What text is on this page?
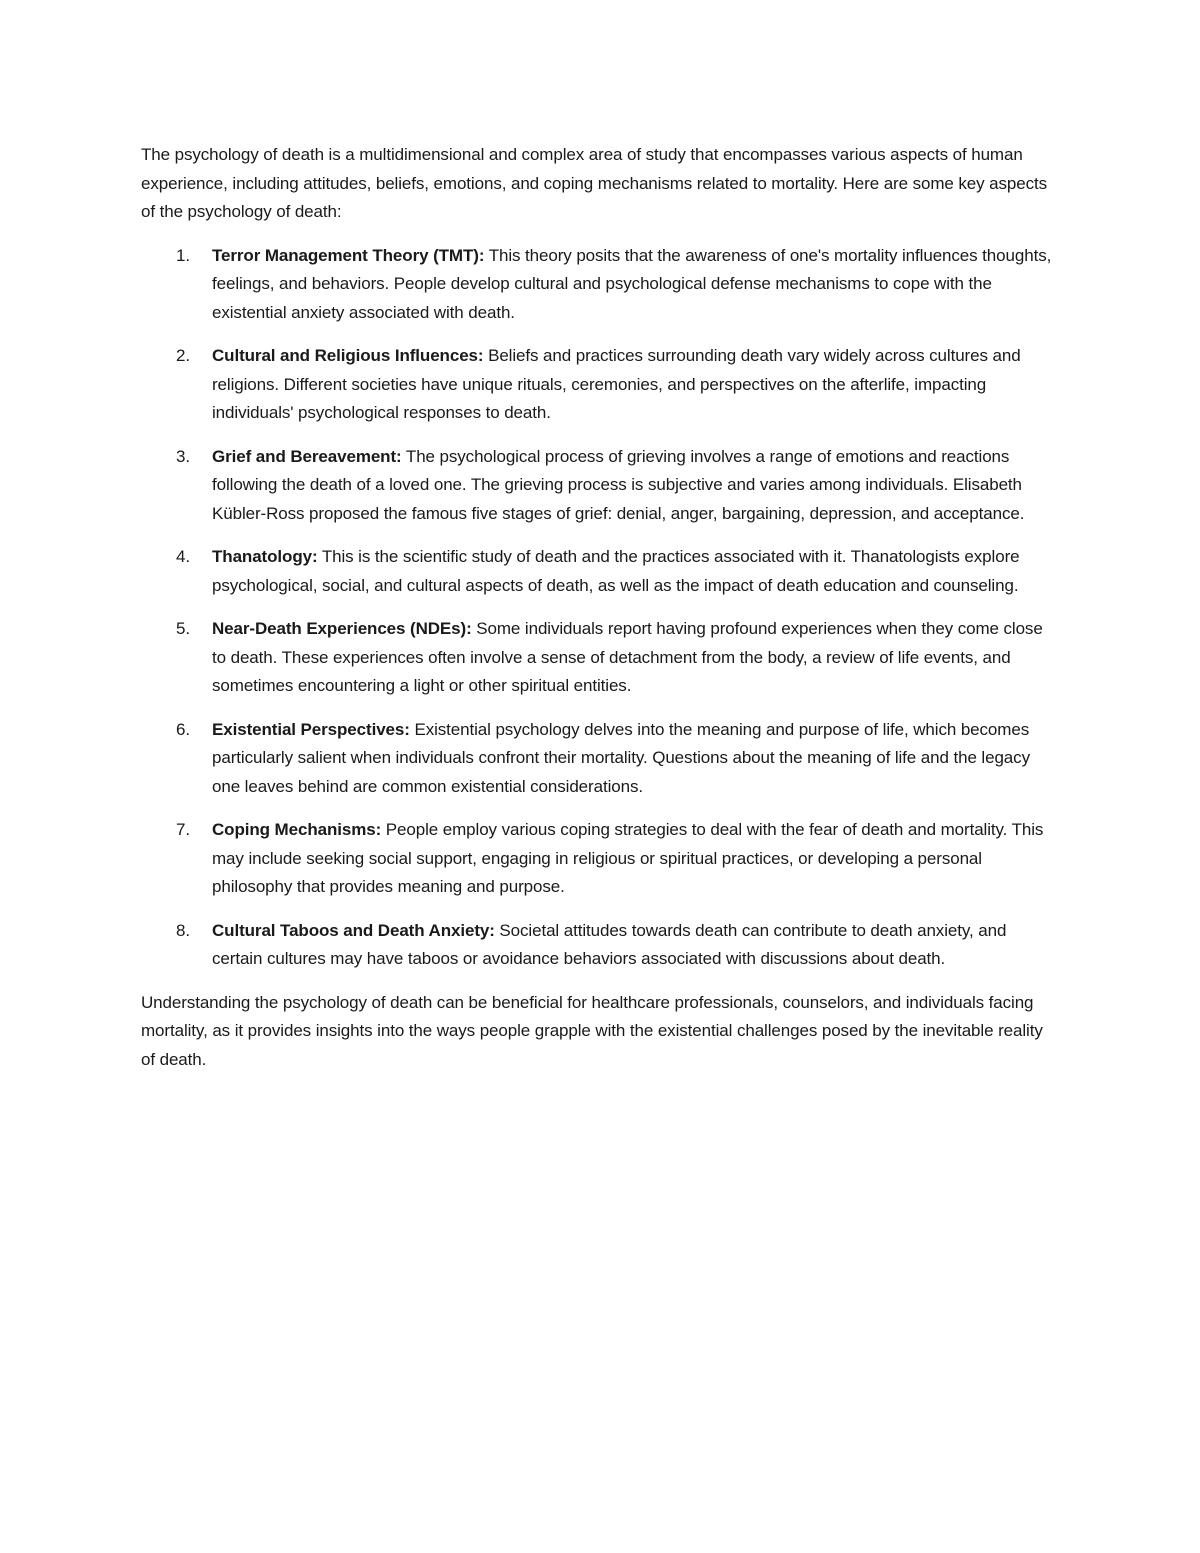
The psychology of death is a multidimensional and complex area of study that encompasses various aspects of human experience, including attitudes, beliefs, emotions, and coping mechanisms related to mortality. Here are some key aspects of the psychology of death:

1. Terror Management Theory (TMT): This theory posits that the awareness of one's mortality influences thoughts, feelings, and behaviors. People develop cultural and psychological defense mechanisms to cope with the existential anxiety associated with death.
2. Cultural and Religious Influences: Beliefs and practices surrounding death vary widely across cultures and religions. Different societies have unique rituals, ceremonies, and perspectives on the afterlife, impacting individuals' psychological responses to death.
3. Grief and Bereavement: The psychological process of grieving involves a range of emotions and reactions following the death of a loved one. The grieving process is subjective and varies among individuals. Elisabeth Kübler-Ross proposed the famous five stages of grief: denial, anger, bargaining, depression, and acceptance.
4. Thanatology: This is the scientific study of death and the practices associated with it. Thanatologists explore psychological, social, and cultural aspects of death, as well as the impact of death education and counseling.
5. Near-Death Experiences (NDEs): Some individuals report having profound experiences when they come close to death. These experiences often involve a sense of detachment from the body, a review of life events, and sometimes encountering a light or other spiritual entities.
6. Existential Perspectives: Existential psychology delves into the meaning and purpose of life, which becomes particularly salient when individuals confront their mortality. Questions about the meaning of life and the legacy one leaves behind are common existential considerations.
7. Coping Mechanisms: People employ various coping strategies to deal with the fear of death and mortality. This may include seeking social support, engaging in religious or spiritual practices, or developing a personal philosophy that provides meaning and purpose.
8. Cultural Taboos and Death Anxiety: Societal attitudes towards death can contribute to death anxiety, and certain cultures may have taboos or avoidance behaviors associated with discussions about death.

Understanding the psychology of death can be beneficial for healthcare professionals, counselors, and individuals facing mortality, as it provides insights into the ways people grapple with the existential challenges posed by the inevitable reality of death.
